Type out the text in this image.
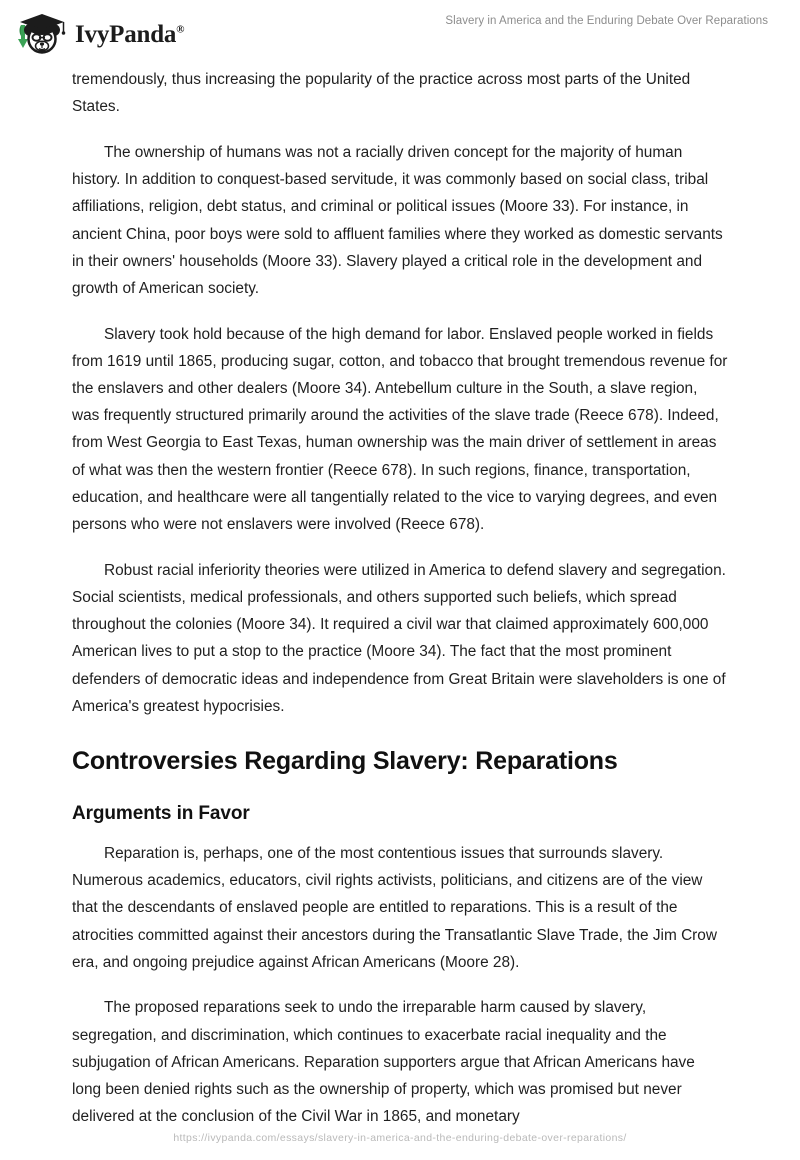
IvyPanda®
Slavery in America and the Enduring Debate Over Reparations

tremendously, thus increasing the popularity of the practice across most parts of the United States.

The ownership of humans was not a racially driven concept for the majority of human history. In addition to conquest-based servitude, it was commonly based on social class, tribal affiliations, religion, debt status, and criminal or political issues (Moore 33). For instance, in ancient China, poor boys were sold to affluent families where they worked as domestic servants in their owners' households (Moore 33). Slavery played a critical role in the development and growth of American society.

Slavery took hold because of the high demand for labor. Enslaved people worked in fields from 1619 until 1865, producing sugar, cotton, and tobacco that brought tremendous revenue for the enslavers and other dealers (Moore 34). Antebellum culture in the South, a slave region, was frequently structured primarily around the activities of the slave trade (Reece 678). Indeed, from West Georgia to East Texas, human ownership was the main driver of settlement in areas of what was then the western frontier (Reece 678). In such regions, finance, transportation, education, and healthcare were all tangentially related to the vice to varying degrees, and even persons who were not enslavers were involved (Reece 678).

Robust racial inferiority theories were utilized in America to defend slavery and segregation. Social scientists, medical professionals, and others supported such beliefs, which spread throughout the colonies (Moore 34). It required a civil war that claimed approximately 600,000 American lives to put a stop to the practice (Moore 34). The fact that the most prominent defenders of democratic ideas and independence from Great Britain were slaveholders is one of America's greatest hypocrisies.

Controversies Regarding Slavery: Reparations
Arguments in Favor

Reparation is, perhaps, one of the most contentious issues that surrounds slavery. Numerous academics, educators, civil rights activists, politicians, and citizens are of the view that the descendants of enslaved people are entitled to reparations. This is a result of the atrocities committed against their ancestors during the Transatlantic Slave Trade, the Jim Crow era, and ongoing prejudice against African Americans (Moore 28).

The proposed reparations seek to undo the irreparable harm caused by slavery, segregation, and discrimination, which continues to exacerbate racial inequality and the subjugation of African Americans. Reparation supporters argue that African Americans have long been denied rights such as the ownership of property, which was promised but never delivered at the conclusion of the Civil War in 1865, and monetary

https://ivypanda.com/essays/slavery-in-america-and-the-enduring-debate-over-reparations/
